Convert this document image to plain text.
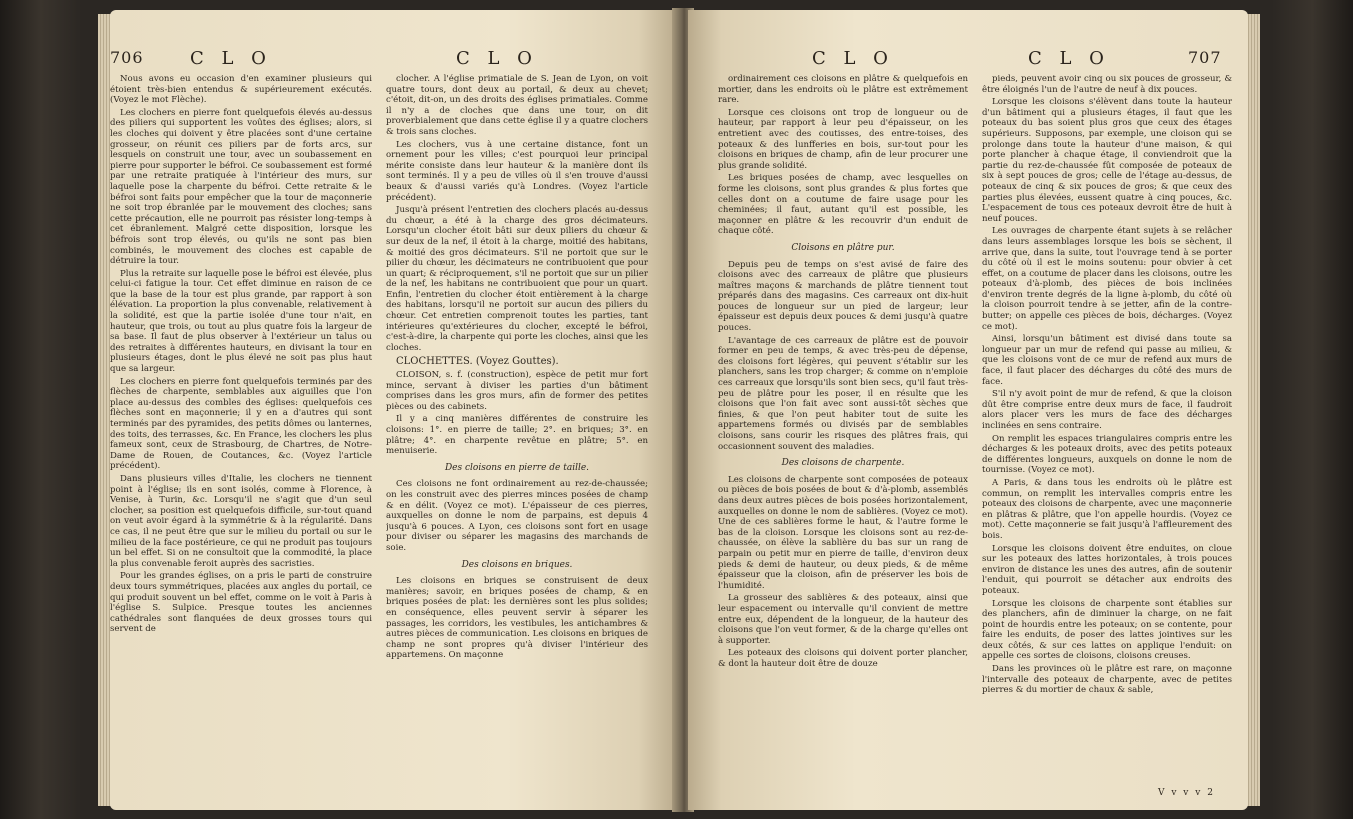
706	C L O	C L O

Nous avons eu occasion d'en examiner plusieurs qui étoient très-bien entendus & supérieurement exécutés. (Voyez le mot Flèche).

Les clochers en pierre font quelquefois élevés au-dessus des piliers qui supportent les voûtes des églises; alors, si les cloches qui doivent y être placées sont d'une certaine grosseur, on réunit ces piliers par de forts arcs, sur lesquels on construit une tour, avec un soubassement en pierre pour supporter le béfroi. Ce soubassement est formé par une retraite pratiquée à l'intérieur des murs, sur laquelle pose la charpente du béfroi. Cette retraite & le béfroi sont faits pour empêcher que la tour de maçonnerie ne soit trop ébranlée par le mouvement des cloches; sans cette précaution, elle ne pourroit pas résister long-temps à cet ébranlement. Malgré cette disposition, lorsque les béfrois sont trop élevés, ou qu'ils ne sont pas bien combinés, le mouvement des cloches est capable de détruire la tour.

Plus la retraite sur laquelle pose le béfroi est élevée, plus celui-ci fatigue la tour. Cet effet diminue en raison de ce que la base de la tour est plus grande, par rapport à son élévation. La proportion la plus convenable, relativement à la solidité, est que la partie isolée d'une tour n'ait, en hauteur, que trois, ou tout au plus quatre fois la largeur de sa base. Il faut de plus observer à l'extérieur un talus ou des retraites à différentes hauteurs, en divisant la tour en plusieurs étages, dont le plus élevé ne soit pas plus haut que sa largeur.

Les clochers en pierre font quelquefois terminés par des flèches de charpente, semblables aux aiguilles que l'on place au-dessus des combles des églises: quelquefois ces flèches sont en maçonnerie; il y en a d'autres qui sont terminés par des pyramides, des petits dômes ou lanternes, des toits, des terrasses, &c. En France, les clochers les plus fameux sont, ceux de Strasbourg, de Chartres, de Notre-Dame de Rouen, de Coutances, &c. (Voyez l'article précédent).

Dans plusieurs villes d'Italie, les clochers ne tiennent point à l'église; ils en sont isolés, comme à Florence, à Venise, à Turin, &c. Lorsqu'il ne s'agit que d'un seul clocher, sa position est quelquefois difficile, sur-tout quand on veut avoir égard à la symmétrie & à la régularité. Dans ce cas, il ne peut être que sur le milieu du portail ou sur le milieu de la face postérieure, ce qui ne produit pas toujours un bel effet. Si on ne consultoit que la commodité, la place la plus convenable feroit auprès des sacristies.

Pour les grandes églises, on a pris le parti de construire deux tours symmétriques, placées aux angles du portail, ce qui produit souvent un bel effet, comme on le voit à Paris à l'église S. Sulpice. Presque toutes les anciennes cathédrales sont flanquées de deux grosses tours qui servent de

clocher. A l'église primatiale de S. Jean de Lyon, on voit quatre tours, dont deux au portail, & deux au chevet; c'étoit, dit-on, un des droits des églises primatiales. Comme il n'y a de cloches que dans une tour, on dit proverbialement que dans cette église il y a quatre clochers & trois sans cloches.

Les clochers, vus à une certaine distance, font un ornement pour les villes; c'est pourquoi leur principal mérite consiste dans leur hauteur & la manière dont ils sont terminés. Il y a peu de villes où il s'en trouve d'aussi beaux & d'aussi variés qu'à Londres. (Voyez l'article précédent).

Jusqu'à présent l'entretien des clochers placés au-dessus du chœur, a été à la charge des gros décimateurs. Lorsqu'un clocher étoit bâti sur deux piliers du chœur & sur deux de la nef, il étoit à la charge, moitié des habitans, & moitié des gros décimateurs. S'il ne portoit que sur le pilier du chœur, les décimateurs ne contribuoient que pour un quart; & réciproquement, s'il ne portoit que sur un pilier de la nef, les habitans ne contribuoient que pour un quart. Enfin, l'entretien du clocher étoit entièrement à la charge des habitans, lorsqu'il ne portoit sur aucun des piliers du chœur. Cet entretien comprenoit toutes les parties, tant intérieures qu'extérieures du clocher, excepté le béfroi, c'est-à-dire, la charpente qui porte les cloches, ainsi que les cloches.

CLOCHETTES. (Voyez Gouttes).

CLOISON, s. f. (construction), espèce de petit mur fort mince, servant à diviser les parties d'un bâtiment comprises dans les gros murs, afin de former des petites pièces ou des cabinets.

Il y a cinq manières différentes de construire les cloisons: 1°. en pierre de taille; 2°. en briques; 3°. en plâtre; 4°. en charpente revêtue en plâtre; 5°. en menuiserie.

Des cloisons en pierre de taille.

Ces cloisons ne font ordinairement au rez-de-chaussée; on les construit avec des pierres minces posées de champ & en délit. (Voyez ce mot). L'épaisseur de ces pierres, auxquelles on donne le nom de parpains, est depuis 4 jusqu'à 6 pouces. A Lyon, ces cloisons sont fort en usage pour diviser ou séparer les magasins des marchands de soie.

Des cloisons en briques.

Les cloisons en briques se construisent de deux manières; savoir, en briques posées de champ, & en briques posées de plat: les dernières sont les plus solides; en conséquence, elles peuvent servir à séparer les passages, les corridors, les vestibules, les antichambres & autres pièces de communication. Les cloisons en briques de champ ne sont propres qu'à diviser l'intérieur des appartemens. On maçonne

C L O	C L O	707

ordinairement ces cloisons en plâtre & quelquefois en mortier, dans les endroits où le plâtre est extrêmement rare.

Lorsque ces cloisons ont trop de longueur ou de hauteur, par rapport à leur peu d'épaisseur, on les entretient avec des coutisses, des entre-toises, des poteaux & des lunfferies en bois, sur-tout pour les cloisons en briques de champ, afin de leur procurer une plus grande solidité.

Les briques posées de champ, avec lesquelles on forme les cloisons, sont plus grandes & plus fortes que celles dont on a coutume de faire usage pour les cheminées; il faut, autant qu'il est possible, les maçonner en plâtre & les recouvrir d'un enduit de chaque côté.

Cloisons en plâtre pur.

Depuis peu de temps on s'est avisé de faire des cloisons avec des carreaux de plâtre que plusieurs maîtres maçons & marchands de plâtre tiennent tout préparés dans des magasins. Ces carreaux ont dix-huit pouces de longueur sur un pied de largeur; leur épaisseur est depuis deux pouces & demi jusqu'à quatre pouces.

L'avantage de ces carreaux de plâtre est de pouvoir former en peu de temps, & avec très-peu de dépense, des cloisons fort légères, qui peuvent s'établir sur les planchers, sans les trop charger; & comme on n'emploie ces carreaux que lorsqu'ils sont bien secs, qu'il faut très-peu de plâtre pour les poser, il en résulte que les cloisons que l'on fait avec sont aussi-tôt sèches que finies, & que l'on peut habiter tout de suite les appartemens formés ou divisés par de semblables cloisons, sans courir les risques des plâtres frais, qui occasionnent souvent des maladies.

Des cloisons de charpente.

Les cloisons de charpente sont composées de poteaux ou pièces de bois posées de bout & d'à-plomb, assemblés dans deux autres pièces de bois posées horizontalement, auxquelles on donne le nom de sablières. (Voyez ce mot). Une de ces sablières forme le haut, & l'autre forme le bas de la cloison. Lorsque les cloisons sont au rez-de-chaussée, on élève la sablière du bas sur un rang de parpain ou petit mur en pierre de taille, d'environ deux pieds & demi de hauteur, ou deux pieds, & de même épaisseur que la cloison, afin de préserver les bois de l'humidité.

La grosseur des sablières & des poteaux, ainsi que leur espacement ou intervalle qu'il convient de mettre entre eux, dépendent de la longueur, de la hauteur des cloisons que l'on veut former, & de la charge qu'elles ont à supporter.

Les poteaux des cloisons qui doivent porter plancher, & dont la hauteur doit être de douze

pieds, peuvent avoir cinq ou six pouces de grosseur, & être éloignés l'un de l'autre de neuf à dix pouces.

Lorsque les cloisons s'élèvent dans toute la hauteur d'un bâtiment qui a plusieurs étages, il faut que les poteaux du bas soient plus gros que ceux des étages supérieurs. Supposons, par exemple, une cloison qui se prolonge dans toute la hauteur d'une maison, & qui porte plancher à chaque étage, il conviendroit que la partie du rez-de-chaussée fût composée de poteaux de six à sept pouces de gros; celle de l'étage au-dessus, de poteaux de cinq & six pouces de gros; & que ceux des parties plus élevées, eussent quatre à cinq pouces, &c. L'espacement de tous ces poteaux devroit être de huit à neuf pouces.

Les ouvrages de charpente étant sujets à se relâcher dans leurs assemblages lorsque les bois se sèchent, il arrive que, dans la suite, tout l'ouvrage tend à se porter du côté où il est le moins soutenu: pour obvier à cet effet, on a coutume de placer dans les cloisons, outre les poteaux d'à-plomb, des pièces de bois inclinées d'environ trente degrés de la ligne à-plomb, du côté où la cloison pourroit tendre à se jetter, afin de la contre-butter; on appelle ces pièces de bois, décharges. (Voyez ce mot).

Ainsi, lorsqu'un bâtiment est divisé dans toute sa longueur par un mur de refend qui passe au milieu, & que les cloisons vont de ce mur de refend aux murs de face, il faut placer des décharges du côté des murs de face.

S'il n'y avoit point de mur de refend, & que la cloison dût être comprise entre deux murs de face, il faudroit alors placer vers les murs de face des décharges inclinées en sens contraire.

On remplit les espaces triangulaires compris entre les décharges & les poteaux droits, avec des petits poteaux de différentes longueurs, auxquels on donne le nom de tournisse. (Voyez ce mot).

A Paris, & dans tous les endroits où le plâtre est commun, on remplit les intervalles compris entre les poteaux des cloisons de charpente, avec une maçonnerie en plâtras & plâtre, que l'on appelle hourdis. (Voyez ce mot). Cette maçonnerie se fait jusqu'à l'affleurement des bois.

Lorsque les cloisons doivent être enduites, on cloue sur les poteaux des lattes horizontales, à trois pouces environ de distance les unes des autres, afin de soutenir l'enduit, qui pourroit se détacher aux endroits des poteaux.

Lorsque les cloisons de charpente sont établies sur des planchers, afin de diminuer la charge, on ne fait point de hourdis entre les poteaux; on se contente, pour faire les enduits, de poser des lattes jointives sur les deux côtés, & sur ces lattes on applique l'enduit: on appelle ces sortes de cloisons, cloisons creuses.

Dans les provinces où le plâtre est rare, on maçonne l'intervalle des poteaux de charpente, avec de petites pierres & du mortier de chaux & sable,

V v v v 2
